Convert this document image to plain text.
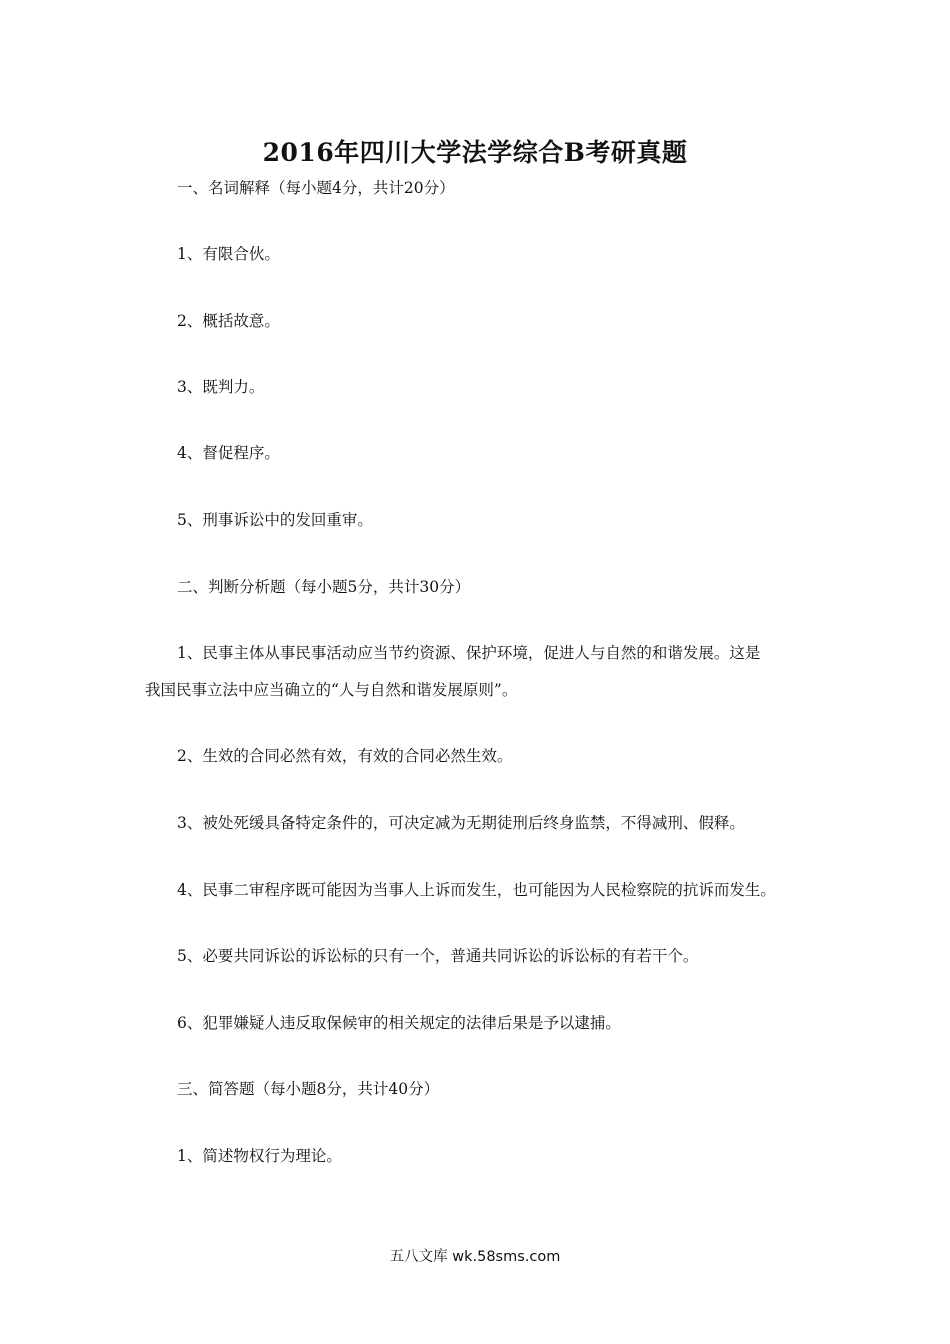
2016年四川大学法学综合B考研真题
一、名词解释（每小题4分，共计20分）
1、有限合伙。
2、概括故意。
3、既判力。
4、督促程序。
5、刑事诉讼中的发回重审。
二、判断分析题（每小题5分，共计30分）
1、民事主体从事民事活动应当节约资源、保护环境，促进人与自然的和谐发展。这是
我国民事立法中应当确立的“人与自然和谐发展原则”。
2、生效的合同必然有效，有效的合同必然生效。
3、被处死缓具备特定条件的，可决定减为无期徒刑后终身监禁，不得减刑、假释。
4、民事二审程序既可能因为当事人上诉而发生，也可能因为人民检察院的抗诉而发生。
5、必要共同诉讼的诉讼标的只有一个，普通共同诉讼的诉讼标的有若干个。
6、犯罪嫌疑人违反取保候审的相关规定的法律后果是予以逮捕。
三、简答题（每小题8分，共计40分）
1、简述物权行为理论。
五八文库 wk.58sms.com
